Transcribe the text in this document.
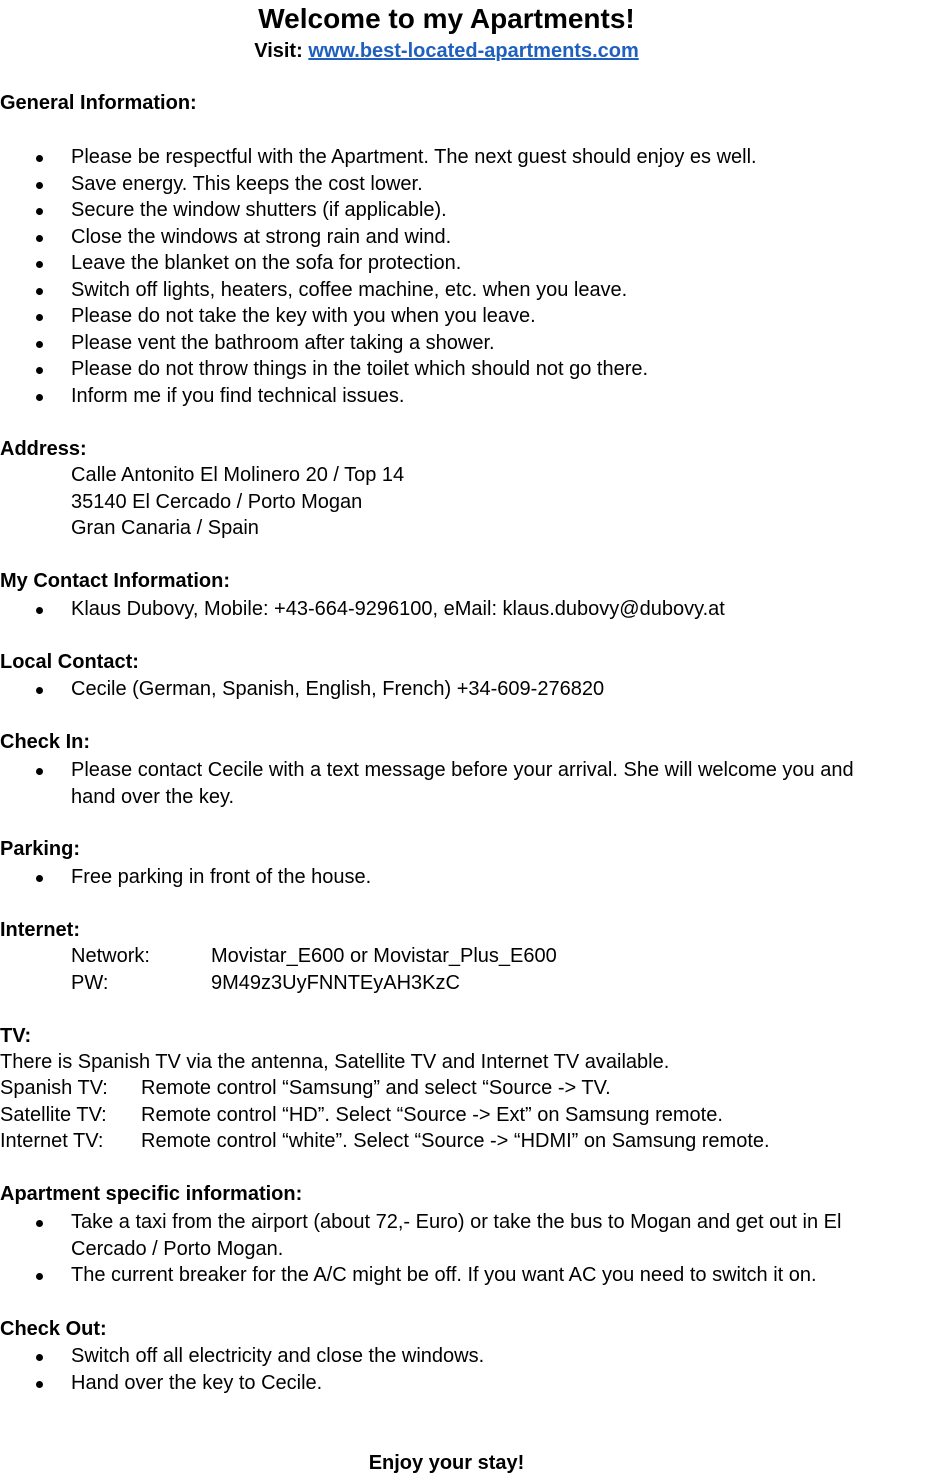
Welcome to my Apartments!
Visit: www.best-located-apartments.com
General Information:
Please be respectful with the Apartment. The next guest should enjoy es well.
Save energy. This keeps the cost lower.
Secure the window shutters (if applicable).
Close the windows at strong rain and wind.
Leave the blanket on the sofa for protection.
Switch off lights, heaters, coffee machine, etc. when you leave.
Please do not take the key with you when you leave.
Please vent the bathroom after taking a shower.
Please do not throw things in the toilet which should not go there.
Inform me if you find technical issues.
Address:
Calle Antonito El Molinero 20 / Top 14
35140 El Cercado / Porto Mogan
Gran Canaria / Spain
My Contact Information:
Klaus Dubovy, Mobile: +43-664-9296100, eMail: klaus.dubovy@dubovy.at
Local Contact:
Cecile (German, Spanish, English, French) +34-609-276820
Check In:
Please contact Cecile with a text message before your arrival. She will welcome you and hand over the key.
Parking:
Free parking in front of the house.
Internet:
Network:	Movistar_E600 or Movistar_Plus_E600
PW:	9M49z3UyFNNTEyAH3KzC
TV:
There is Spanish TV via the antenna, Satellite TV and Internet TV available.
Spanish TV: Remote control “Samsung” and select “Source -> TV.
Satellite TV: Remote control “HD”. Select “Source -> Ext” on Samsung remote.
Internet TV: Remote control “white”. Select “Source -> “HDMI” on Samsung remote.
Apartment specific information:
Take a taxi from the airport (about 72,- Euro) or take the bus to Mogan and get out in El Cercado / Porto Mogan.
The current breaker for the A/C might be off. If you want AC you need to switch it on.
Check Out:
Switch off all electricity and close the windows.
Hand over the key to Cecile.
Enjoy your stay!
